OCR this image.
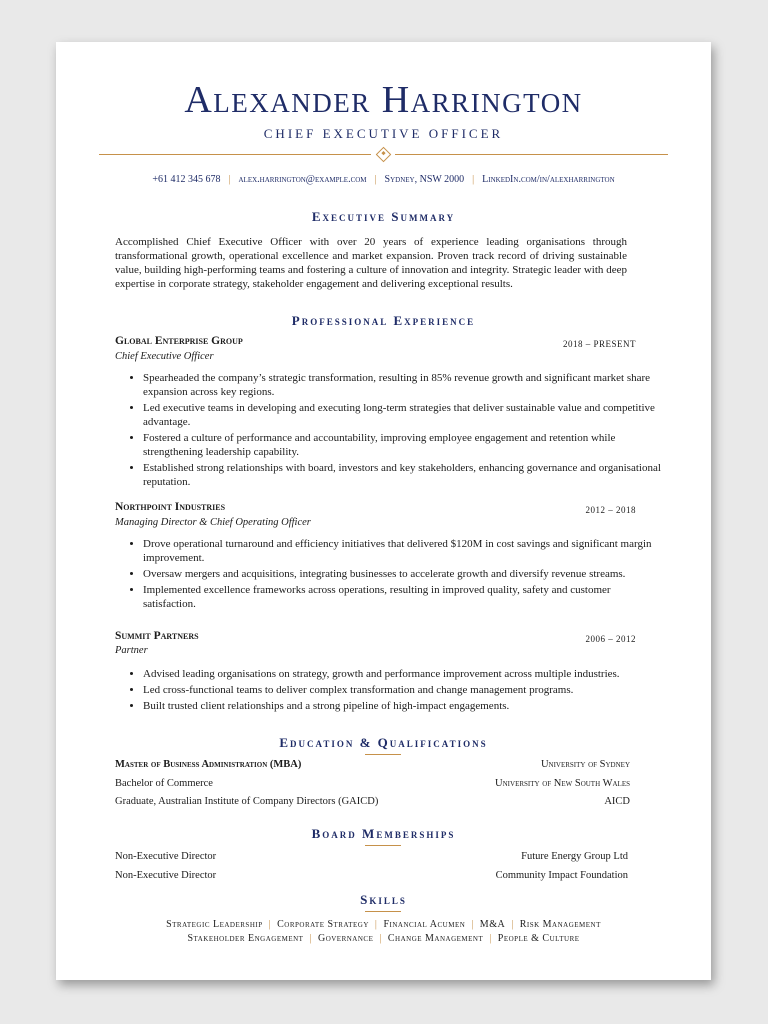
Alexander Harrington
CHIEF EXECUTIVE OFFICER
+61 412 345 678 | alex.harrington@example.com | Sydney, NSW 2000 | LinkedIn.com/in/alexharrington
Executive Summary
Accomplished Chief Executive Officer with over 20 years of experience leading organisations through transformational growth, operational excellence and market expansion. Proven track record of driving sustainable value, building high-performing teams and fostering a culture of innovation and integrity. Strategic leader with deep expertise in corporate strategy, stakeholder engagement and delivering exceptional results.
Professional Experience
Global Enterprise Group	2018 – PRESENT
Chief Executive Officer
• Spearheaded the company’s strategic transformation, resulting in 85% revenue growth and significant market share expansion across key regions.
• Led executive teams in developing and executing long-term strategies that deliver sustainable value and competitive advantage.
• Fostered a culture of performance and accountability, improving employee engagement and retention while strengthening leadership capability.
• Established strong relationships with board, investors and key stakeholders, enhancing governance and organisational reputation.
Northpoint Industries	2012 – 2018
Managing Director & Chief Operating Officer
• Drove operational turnaround and efficiency initiatives that delivered $120M in cost savings and significant margin improvement.
• Oversaw mergers and acquisitions, integrating businesses to accelerate growth and diversify revenue streams.
• Implemented excellence frameworks across operations, resulting in improved quality, safety and customer satisfaction.
Summit Partners	2006 – 2012
Partner
• Advised leading organisations on strategy, growth and performance improvement across multiple industries.
• Led cross-functional teams to deliver complex transformation and change management programs.
• Built trusted client relationships and a strong pipeline of high-impact engagements.
Education & Qualifications
Master of Business Administration (MBA)	University of Sydney
Bachelor of Commerce	University of New South Wales
Graduate, Australian Institute of Company Directors (GAICD)	AICD
Board Memberships
Non-Executive Director	Future Energy Group Ltd
Non-Executive Director	Community Impact Foundation
Skills
Strategic Leadership | Corporate Strategy | Financial Acumen | M&A | Risk Management
Stakeholder Engagement | Governance | Change Management | People & Culture
